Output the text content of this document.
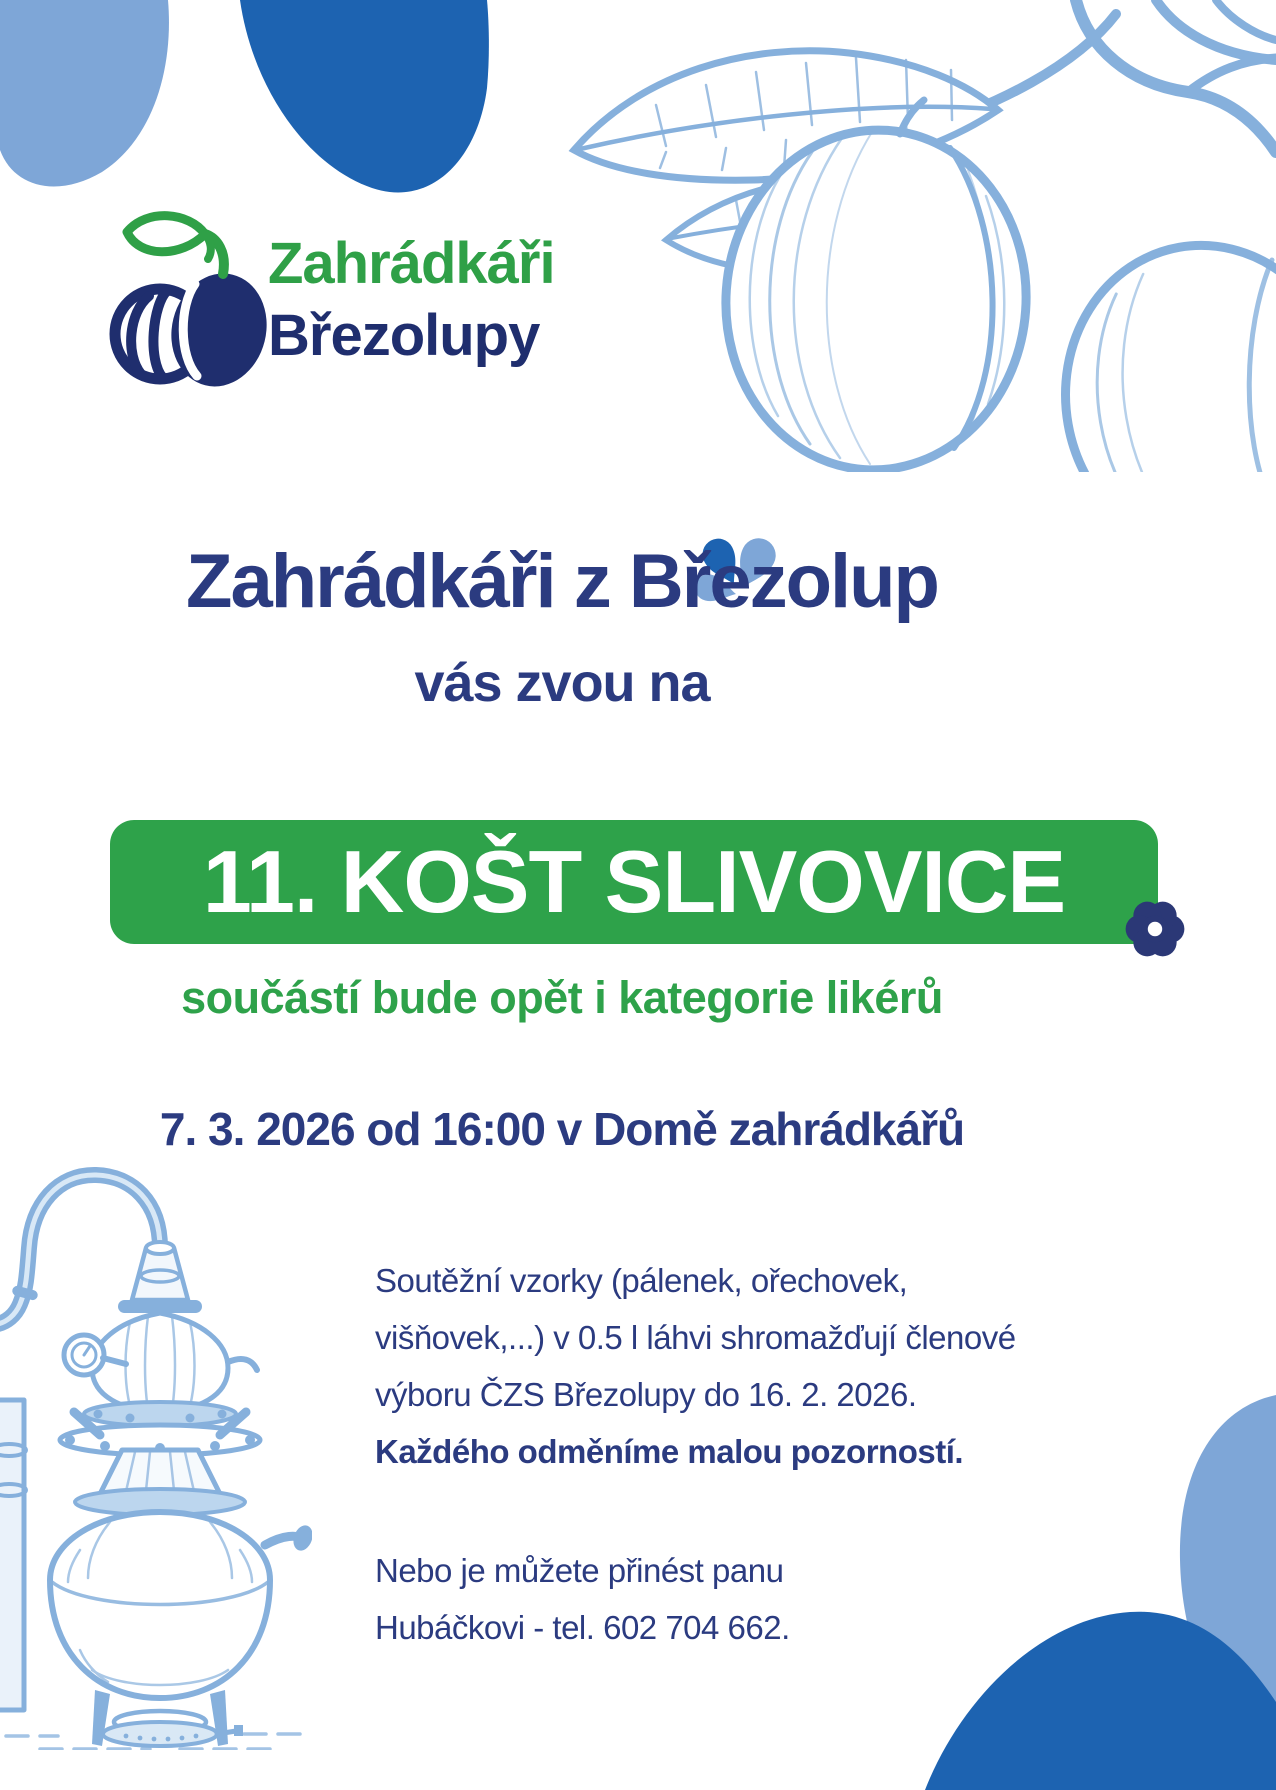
Zahrádkáři
Březolupy
Zahrádkáři z Březolup
vás zvou na
11. KOŠT SLIVOVICE
součástí bude opět i kategorie likérů
7. 3. 2026 od 16:00 v Domě zahrádkářů
Soutěžní vzorky (pálenek, ořechovek,
višňovek,...) v 0.5 l láhvi shromažďují členové
výboru ČZS Březolupy do 16. 2. 2026.
Každého odměníme malou pozorností.
Nebo je můžete přinést panu
Hubáčkovi - tel. 602 704 662.
